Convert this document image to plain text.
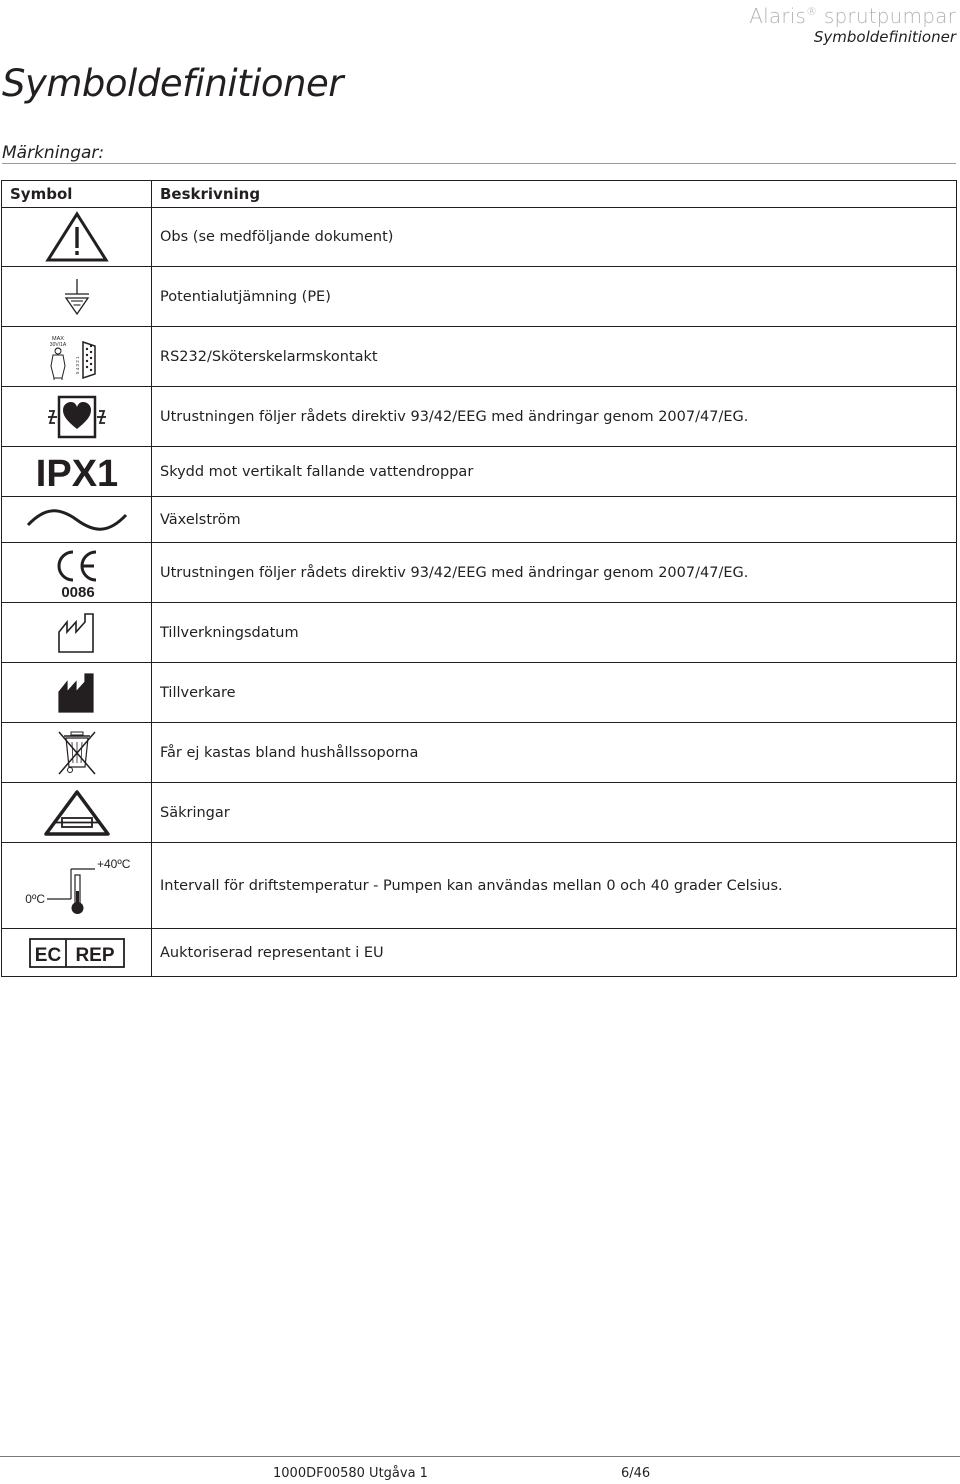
Alaris® sprutpumpar
Symboldefinitioner
Symboldefinitioner
Märkningar:
Symbol	Beskrivning

	Obs (se medföljande dokument)

	Potentialutjämning (PE)

MAX
30V/1A
5 4 3 2 1	RS232/Sköterskelarmskontakt

	Utrustningen följer rådets direktiv 93/42/EEG med ändringar genom 2007/47/EG.

IPX1	Skydd mot vertikalt fallande vattendroppar

	Växelström

0086	Utrustningen följer rådets direktiv 93/42/EEG med ändringar genom 2007/47/EG.

	Tillverkningsdatum

	Tillverkare

	Får ej kastas bland hushållssoporna

	Säkringar

0ºC
+40ºC	Intervall för driftstemperatur - Pumpen kan användas mellan 0 och 40 grader Celsius.

EC REP	Auktoriserad representant i EU
1000DF00580 Utgåva 1	6/46
